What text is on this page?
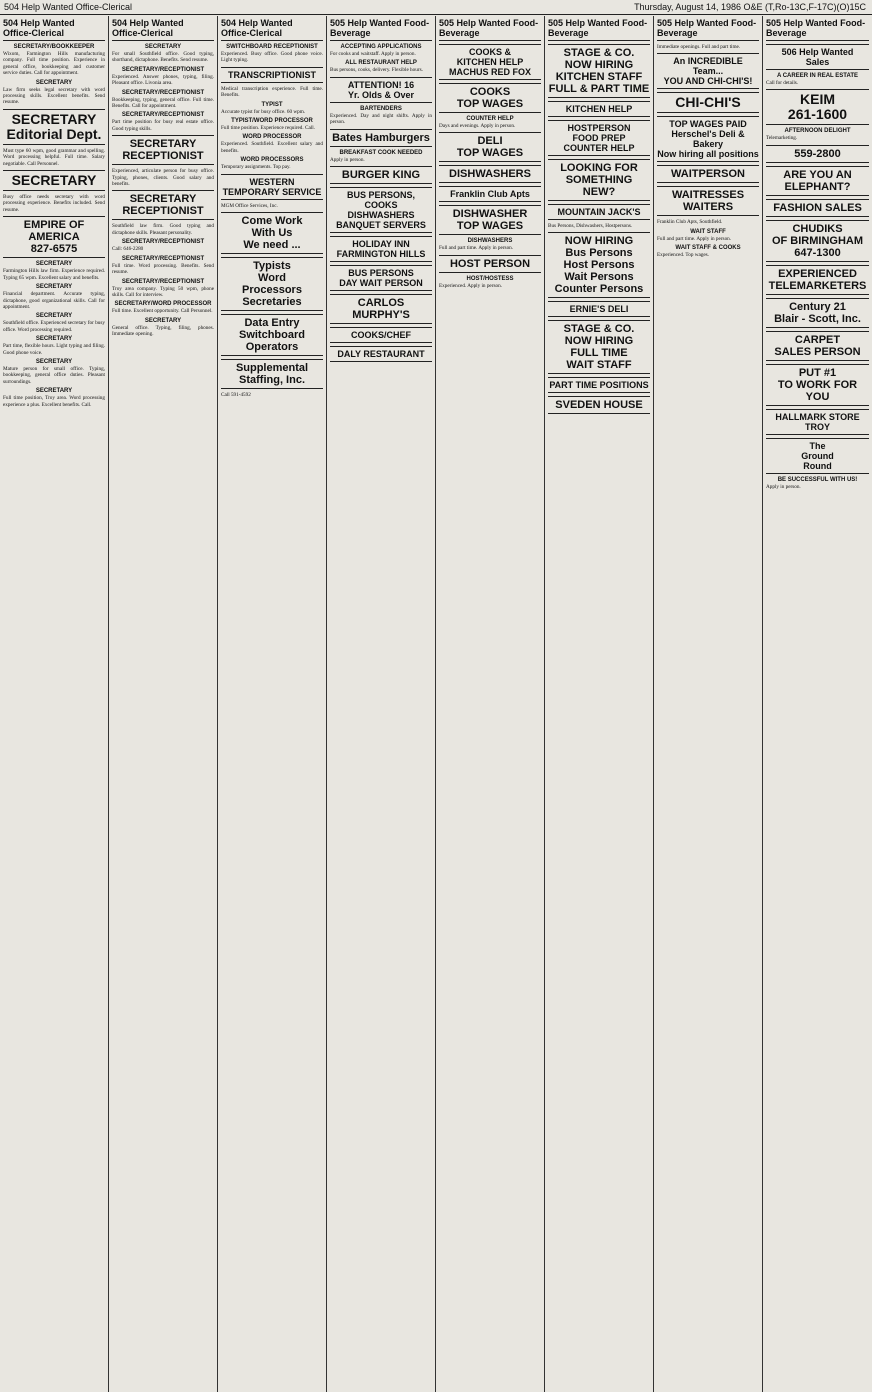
504 Help Wanted Office-Clerical	Thursday, August 14, 1986 O&E (T,Ro-13C,F-17C)(O)15C
504 Help Wanted Office-Clerical
SECRETARY/BOOKKEEPER
Wixom, Farmington Hills manufacturing company. Full time position. Experience in general office, bookkeeping and customer service duties. Call for appointment.
SECRETARY
Law firm seeks legal secretary with word processing skills. Excellent benefits. Send resume.
SECRETARY
Editorial Dept.
Must type 60 wpm, good grammar and spelling. Word processing helpful. Full time. Salary negotiable. Call Personnel.
SECRETARY
Busy office needs secretary with word processing experience. Benefits included. Send resume.
EMPIRE OF
AMERICA
827-6575
SECRETARY
Farmington Hills law firm. Experience required. Typing 65 wpm. Excellent salary and benefits.
SECRETARY
Financial department. Accurate typing, dictaphone, good organizational skills. Call for appointment.
SECRETARY
Southfield office. Experienced secretary for busy office. Word processing required.
SECRETARY
Part time, flexible hours. Light typing and filing. Good phone voice.
SECRETARY
Mature person for small office. Typing, bookkeeping, general office duties. Pleasant surroundings.
SECRETARY
Full time position, Troy area. Word processing experience a plus. Excellent benefits. Call.
504 Help Wanted Office-Clerical
SECRETARY
For small Southfield office. Good typing, shorthand, dictaphone. Benefits. Send resume.
SECRETARY/RECEPTIONIST
Experienced. Answer phones, typing, filing. Pleasant office. Livonia area.
SECRETARY/RECEPTIONIST
Bookkeeping, typing, general office. Full time. Benefits. Call for appointment.
SECRETARY/RECEPTIONIST
Part time position for busy real estate office. Good typing skills.
SECRETARY
RECEPTIONIST
Experienced, articulate person for busy office. Typing, phones, clients. Good salary and benefits.
SECRETARY
RECEPTIONIST
Southfield law firm. Good typing and dictaphone skills. Pleasant personality.
SECRETARY/RECEPTIONIST
Call: 646-2280
SECRETARY/RECEPTIONIST
Full time. Word processing. Benefits. Send resume.
SECRETARY/RECEPTIONIST
Troy area company. Typing 50 wpm, phone skills. Call for interview.
SECRETARY/WORD PROCESSOR
Full time. Excellent opportunity. Call Personnel.
SECRETARY
General office. Typing, filing, phones. Immediate opening.
504 Help Wanted Office-Clerical
SWITCHBOARD RECEPTIONIST
Experienced. Busy office. Good phone voice. Light typing.
TRANSCRIPTIONIST
Medical transcription experience. Full time. Benefits.
TYPIST
Accurate typist for busy office. 60 wpm.
TYPIST/WORD PROCESSOR
Full time position. Experience required. Call.
WORD PROCESSOR
Experienced. Southfield. Excellent salary and benefits.
WORD PROCESSORS
Temporary assignments. Top pay.
WESTERN
TEMPORARY SERVICE
MGM Office Services, Inc.
Come Work
With Us
We need ...
Typists
Word
Processors
Secretaries
Data Entry
Switchboard
Operators
Supplemental
Staffing, Inc.
Call 591-4592
505 Help Wanted Food-Beverage
ACCEPTING APPLICATIONS
For cooks and waitstaff. Apply in person.
ALL RESTAURANT HELP
Bus persons, cooks, delivery. Flexible hours.
ATTENTION! 16
Yr. Olds & Over
BARTENDERS
Experienced. Day and night shifts. Apply in person.
Bates Hamburgers
BREAKFAST COOK NEEDED
Apply in person.
BURGER KING
BUS PERSONS, COOKS
DISHWASHERS
BANQUET SERVERS
HOLIDAY INN
FARMINGTON HILLS
BUS PERSONS
DAY WAIT PERSON
CARLOS MURPHY'S
COOKS/CHEF
DALY RESTAURANT
505 Help Wanted Food-Beverage
COOKS &
KITCHEN HELP
MACHUS RED FOX
COOKS
TOP WAGES
COUNTER HELP
Days and evenings. Apply in person.
DELI
TOP WAGES
DISHWASHERS
Franklin Club Apts
DISHWASHER
TOP WAGES
DISHWASHERS
Full and part time. Apply in person.
HOST PERSON
HOST/HOSTESS
Experienced. Apply in person.
505 Help Wanted Food-Beverage
STAGE & CO.
NOW HIRING
KITCHEN STAFF
FULL & PART TIME
KITCHEN HELP
HOSTPERSON
FOOD PREP
COUNTER HELP
LOOKING FOR
SOMETHING NEW?
MOUNTAIN JACK'S
Bus Persons, Dishwashers, Hostpersons.
NOW HIRING
Bus Persons
Host Persons
Wait Persons
Counter Persons
ERNIE'S DELI
STAGE & CO.
NOW HIRING
FULL TIME
WAIT STAFF
PART TIME POSITIONS
SVEDEN HOUSE
505 Help Wanted Food-Beverage
Immediate openings. Full and part time.
An INCREDIBLE Team...
YOU AND CHI-CHI'S!
CHI-CHI'S
TOP WAGES PAID
Herschel's Deli & Bakery
Now hiring all positions
WAITPERSON
WAITRESSES
WAITERS
Franklin Club Apts, Southfield.
WAIT STAFF
Full and part time. Apply in person.
WAIT STAFF & COOKS
Experienced. Top wages.
505 Help Wanted Food-Beverage
506 Help Wanted
Sales
A CAREER IN REAL ESTATE
Call for details.
KEIM
261-1600
AFTERNOON DELIGHT
Telemarketing.
559-2800
ARE YOU AN ELEPHANT?
FASHION SALES
CHUDIKS
OF BIRMINGHAM
647-1300
EXPERIENCED
TELEMARKETERS
Century 21
Blair - Scott, Inc.
CARPET
SALES PERSON
PUT #1
TO WORK FOR YOU
HALLMARK STORE
TROY
The
Ground
Round
BE SUCCESSFUL WITH US!
Apply in person.
